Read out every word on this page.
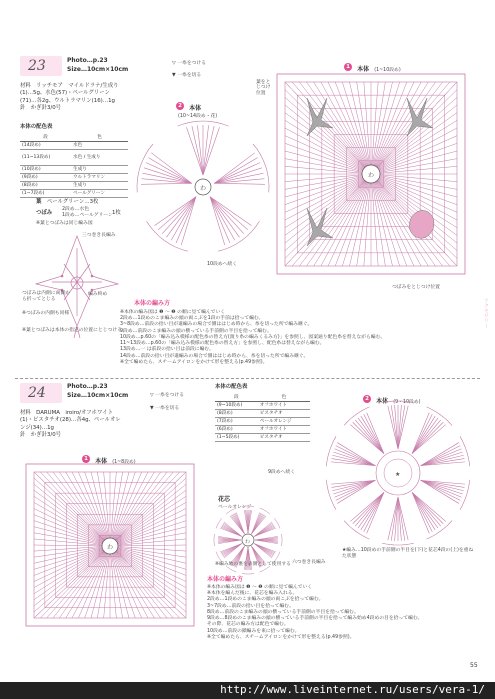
23	Photo…p.23
Size…10cm×10cm
材料　リッチモア　マイルドラナ/生成り
(1)…5g、水色(57)・ペールグリーン
(71)…各2g、ウルトラマリン(16)…1g
針　かぎ針3/0号
本体の配色表
段	色
(14段め)	水色
(11~13段め)	水色 / 生成り
(10段め)	生成り
(9段め)	ウルトラマリン
(8段め)	生成り
(1~7段め)	ペールグリーン
葉　 ペールグリーン…3枚
つぼみ
2段め…水色
1段め…ペールグリーン 1枚
※葉とつぼみは同じ編み図
三つ巻き長編み
つぼみは内側に両側から折ってとじる
編み終め
※つぼみの内側も同様
※葉とつぼみは本体の指定の位置にとじつける
▽ 一糸をつける
▼ 一糸を切る
2 本体
(10~14段め・花)
わ
10段めへ続く
1 本体 (1~10段め)
葉をとじつけ位置
わ
つぼみをとじつけ位置
本体の編み方
※本体の編み図は ❶ ～ ❷ の順に見て編んでいく
2段め…1段めのこま編みの頭の両こぶを1段の手前は拾って編む。
3~8段め…前段の拾い目が違編みの場合で側ははじめ時から、糸を切った所で編み継ぐ。
9段め…前段のこま編みの頭の横っている手前側の半目を拾って編む。
10段め…p.60の「編み込み模様の配色糸の替え方(渡り糸の編みくるみ方)」を参照し、図案通り配色糸を替えながら編む。
11~13段め…p.60の「編み込み模様の配色糸の替え方」を参照し、配色糸は替えながら編む。
13段め…一 は前段の拾い目は前段に編む。
14段め…前段の拾い目が違編みの場合で側ははじめ時から、糸を切った所で編み継ぐ。
※全て編めたら、スチームアイロンをかけて形を整える(p.49参照)。
アクセサリー
24	Photo…p.23
Size…10cm×10cm
材料　DARUMA　iroiro/オフホワイト
(1)・ピスタチオ(28)…各4g、ペールオレ
ンジ(34)…1g
針　かぎ針3/0号
▽ 一糸をつける
▼ 一糸を切る
本体の配色表
段	色
(9~10段め)	オフホワイト
(8段め)	ピスタチオ
(7段め)	ペールオレンジ
(6段め)	オフホワイト
(1~5段め)	ピスタチオ
1 本体 (1~8段め)
わ
花芯
ペールオレンジ
9段めへ続く
わ
六つ巻き長編み
※編み地の裏を表側として使用する
2 本体 (9・10段め)
★
★編み…10段めの手前側の半目を(下)と花芯4段の(上)を重ねた状態
本体の編み方
※本体の編み図は ❶ ～ ❷ の順に見て編んでいく
※本体を編んだ後に、花芯を編み入れる。
2段め…1段めのこま編みの頭の両こぶを拾って編む。
3~7段め…前段の拾い目を拾って編む。
8段め…前段のこま編みの頭の横っている手前側の半目を拾って編む。
9段め…8段めのこま編みの頭の横っている手前側の半目を拾って編み始め4段めの目を拾って編む。
その際、花芯の編み方は配色で編む。
10段め…前段の鎖編みを束に拾って編む。
※全て編めたら、スチームアイロンをかけて形を整える(p.49参照)。
55
http://www.liveinternet.ru/users/vera-1/
